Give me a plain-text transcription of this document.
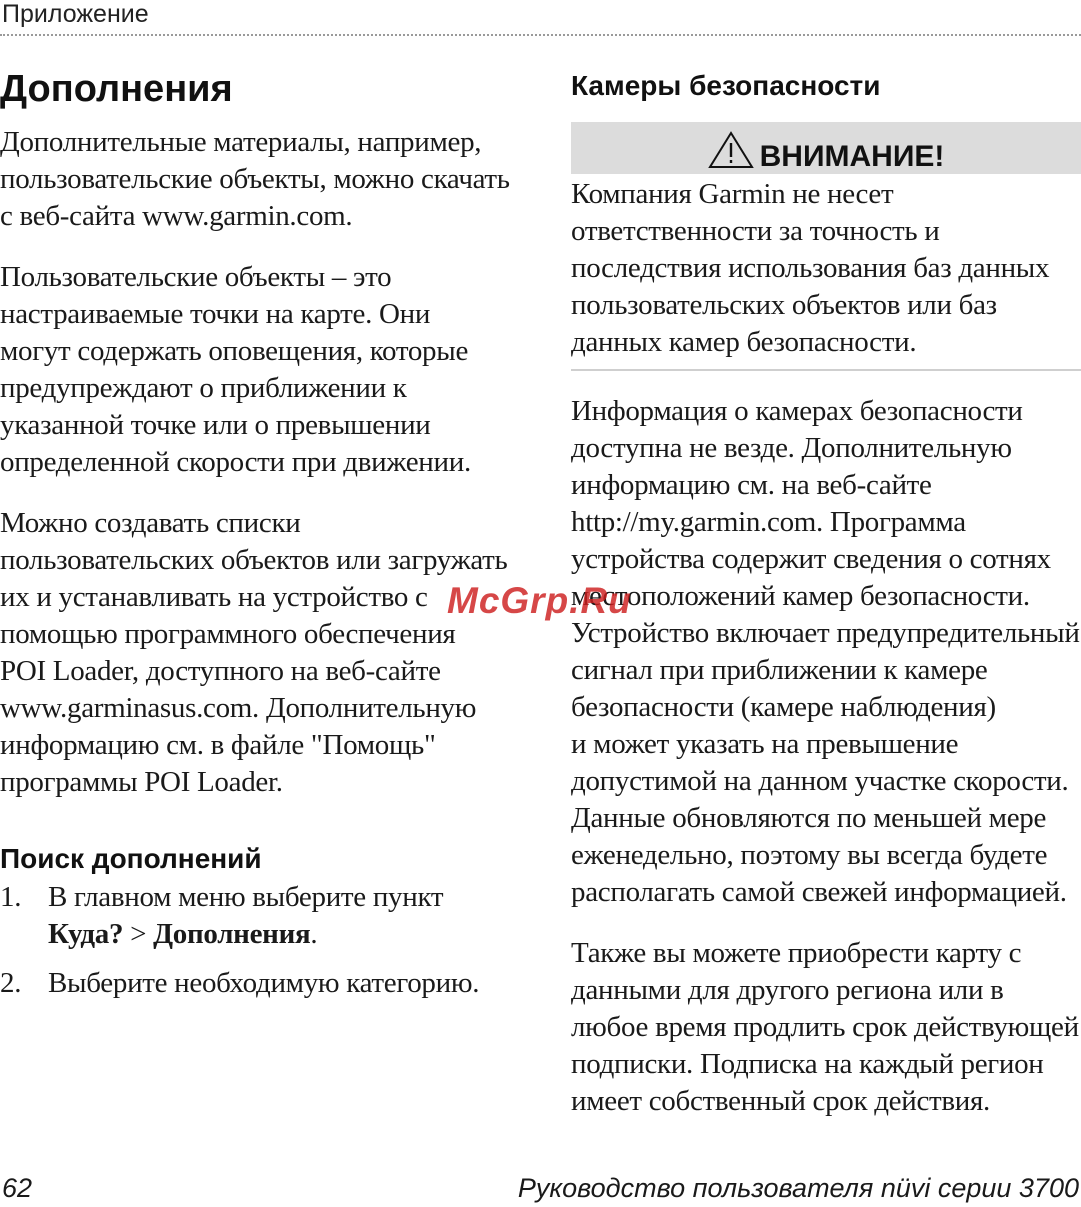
Приложение
Дополнения

Дополнительные материалы, например,

пользовательские объекты, можно скачать

с веб-сайта www.garmin.com.

Пользовательские объекты – это

настраиваемые точки на карте. Они

могут содержать оповещения, которые

предупреждают о приближении к

указанной точке или о превышении

определенной скорости при движении.

Можно создавать списки

пользовательских объектов или загружать

их и устанавливать на устройство с

помощью программного обеспечения

POI Loader, доступного на веб-сайте

www.garminasus.com. Дополнительную

информацию см. в файле "Помощь"

программы POI Loader.

Поиск дополнений
1. В главном меню выберите пункт

Куда? > Дополнения.

2. Выберите необходимую категорию.

Камеры безопасности
ВНИМАНИЕ!

Компания Garmin не несет

ответственности за точность и

последствия использования баз данных

пользовательских объектов или баз

данных камер безопасности.

Информация о камерах безопасности

доступна не везде. Дополнительную

информацию см. на веб-сайте

http://my.garmin.com. Программа

устройства содержит сведения о сотнях

местоположений камер безопасности.

Устройство включает предупредительный

сигнал при приближении к камере

безопасности (камере наблюдения)

и может указать на превышение

допустимой на данном участке скорости.

Данные обновляются по меньшей мере

еженедельно, поэтому вы всегда будете

располагать самой свежей информацией.

Также вы можете приобрести карту с

данными для другого региона или в

любое время продлить срок действующей

подписки. Подписка на каждый регион

имеет собственный срок действия.

McGrp.Ru
62	Руководство пользователя nüvi серии 3700
